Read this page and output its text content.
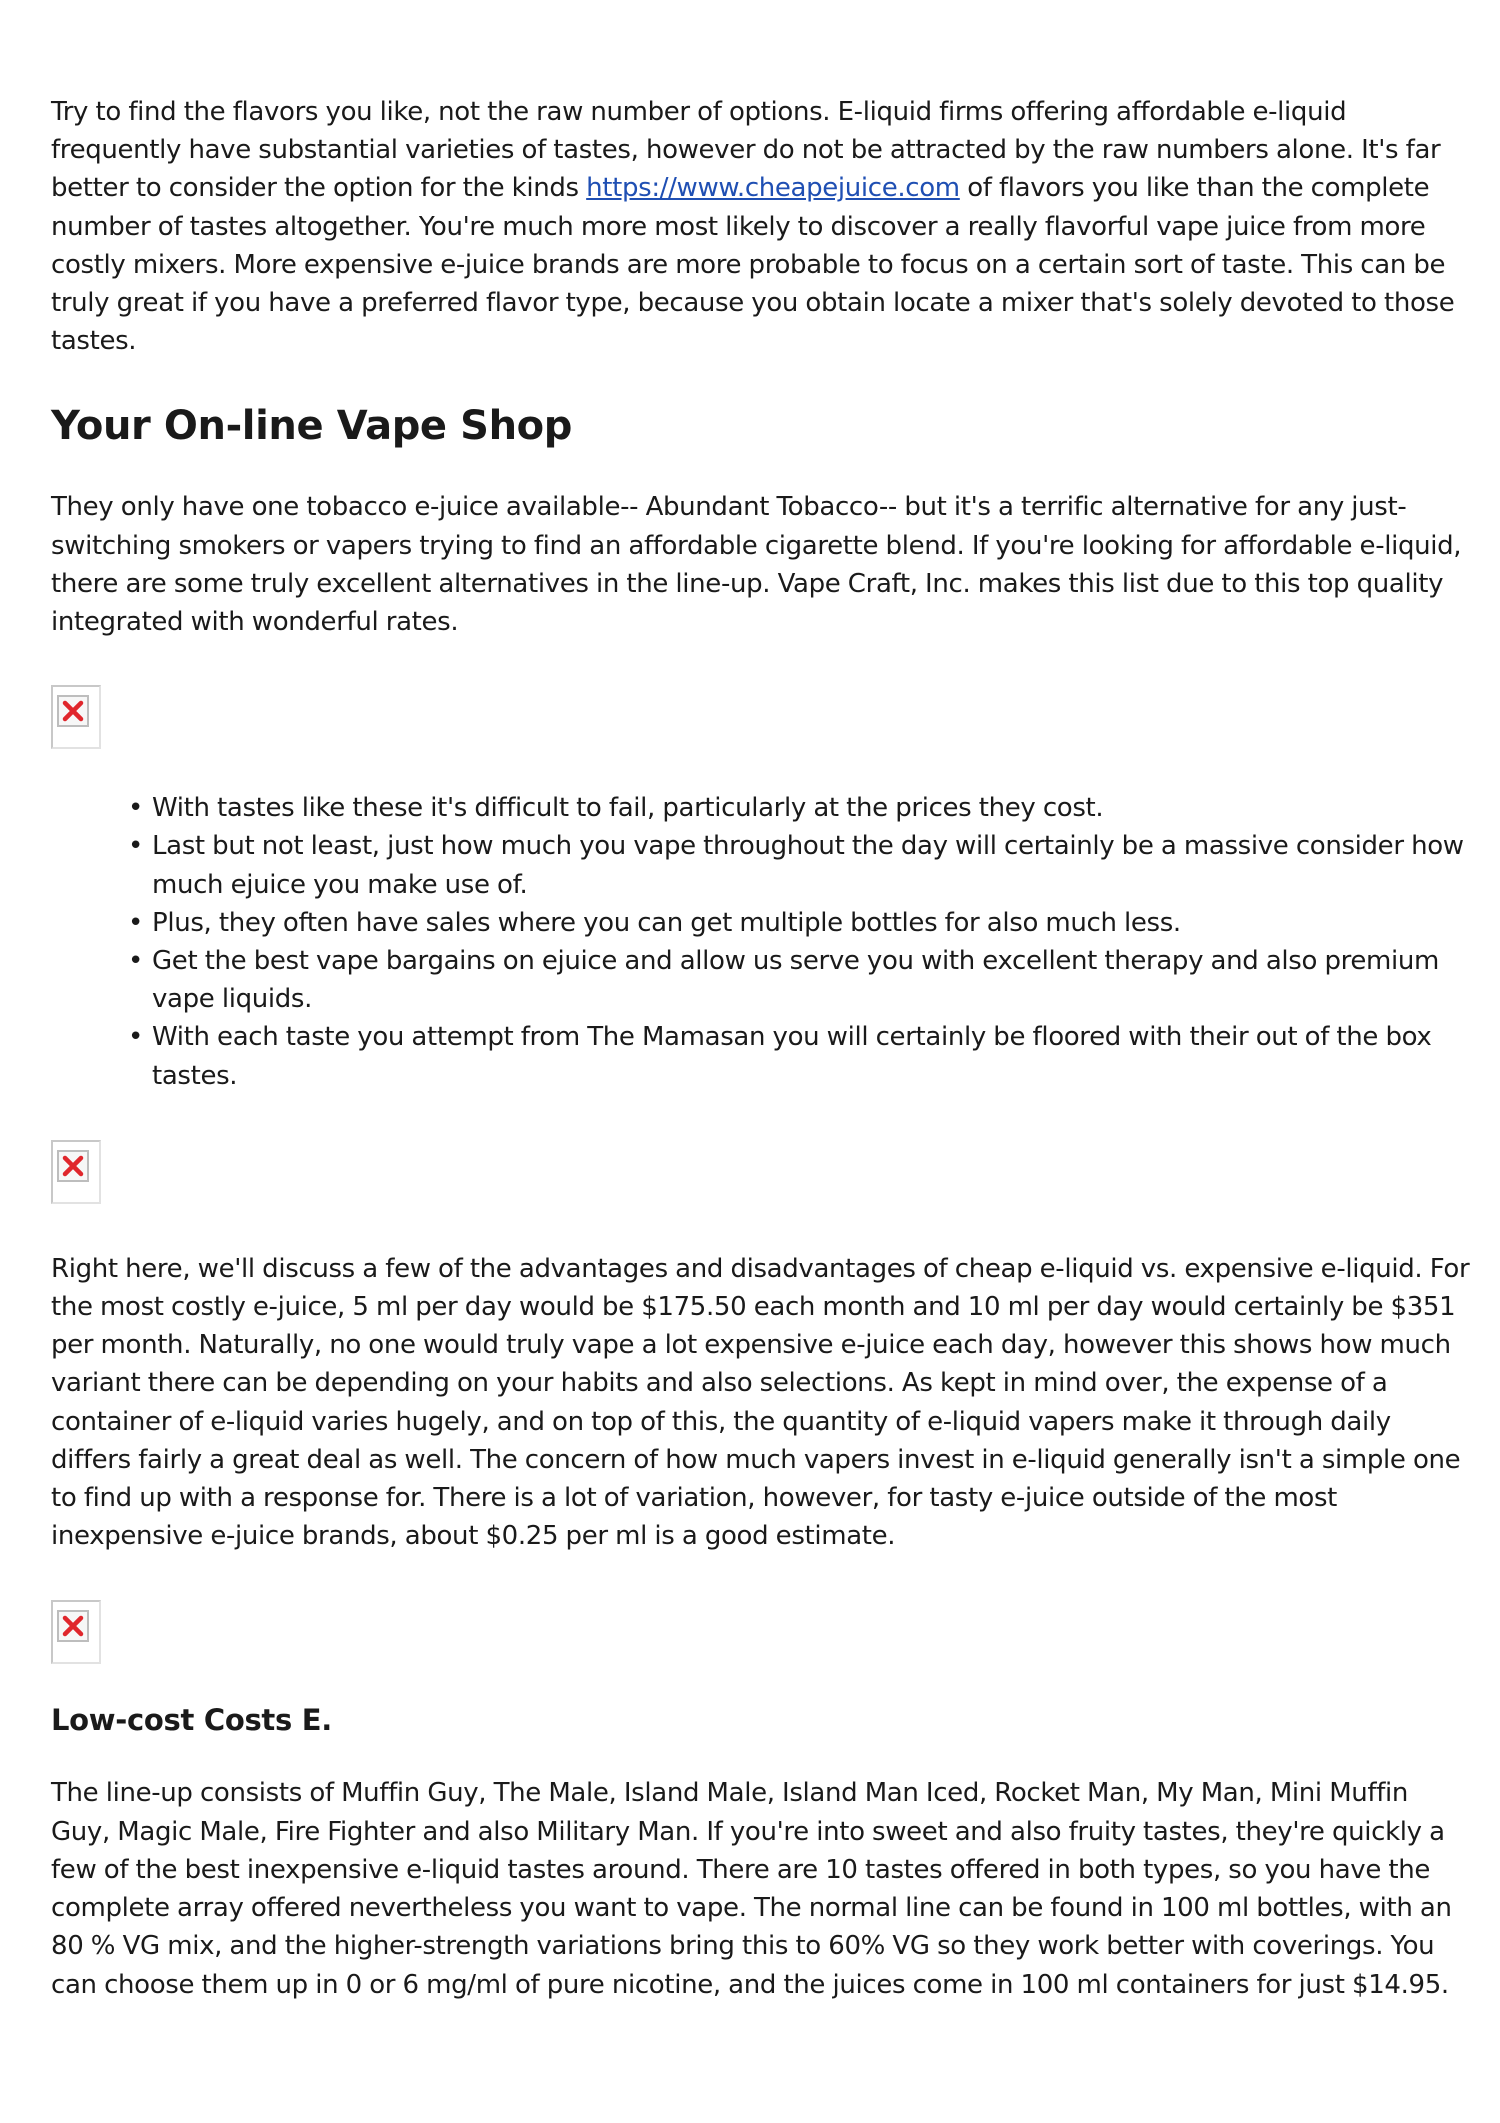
Try to find the flavors you like, not the raw number of options. E-liquid firms offering affordable e-liquid frequently have substantial varieties of tastes, however do not be attracted by the raw numbers alone. It's far better to consider the option for the kinds https://www.cheapejuice.com of flavors you like than the complete number of tastes altogether. You're much more most likely to discover a really flavorful vape juice from more costly mixers. More expensive e-juice brands are more probable to focus on a certain sort of taste. This can be truly great if you have a preferred flavor type, because you obtain locate a mixer that's solely devoted to those tastes.

Your On-line Vape Shop

They only have one tobacco e-juice available-- Abundant Tobacco-- but it's a terrific alternative for any just-switching smokers or vapers trying to find an affordable cigarette blend. If you're looking for affordable e-liquid, there are some truly excellent alternatives in the line-up. Vape Craft, Inc. makes this list due to this top quality integrated with wonderful rates.

• With tastes like these it's difficult to fail, particularly at the prices they cost.
• Last but not least, just how much you vape throughout the day will certainly be a massive consider how much ejuice you make use of.
• Plus, they often have sales where you can get multiple bottles for also much less.
• Get the best vape bargains on ejuice and allow us serve you with excellent therapy and also premium vape liquids.
• With each taste you attempt from The Mamasan you will certainly be floored with their out of the box tastes.

Right here, we'll discuss a few of the advantages and disadvantages of cheap e-liquid vs. expensive e-liquid. For the most costly e-juice, 5 ml per day would be $175.50 each month and 10 ml per day would certainly be $351 per month. Naturally, no one would truly vape a lot expensive e-juice each day, however this shows how much variant there can be depending on your habits and also selections. As kept in mind over, the expense of a container of e-liquid varies hugely, and on top of this, the quantity of e-liquid vapers make it through daily differs fairly a great deal as well. The concern of how much vapers invest in e-liquid generally isn't a simple one to find up with a response for. There is a lot of variation, however, for tasty e-juice outside of the most inexpensive e-juice brands, about $0.25 per ml is a good estimate.

Low-cost Costs E.

The line-up consists of Muffin Guy, The Male, Island Male, Island Man Iced, Rocket Man, My Man, Mini Muffin Guy, Magic Male, Fire Fighter and also Military Man. If you're into sweet and also fruity tastes, they're quickly a few of the best inexpensive e-liquid tastes around. There are 10 tastes offered in both types, so you have the complete array offered nevertheless you want to vape. The normal line can be found in 100 ml bottles, with an 80 % VG mix, and the higher-strength variations bring this to 60% VG so they work better with coverings. You can choose them up in 0 or 6 mg/ml of pure nicotine, and the juices come in 100 ml containers for just $14.95.
